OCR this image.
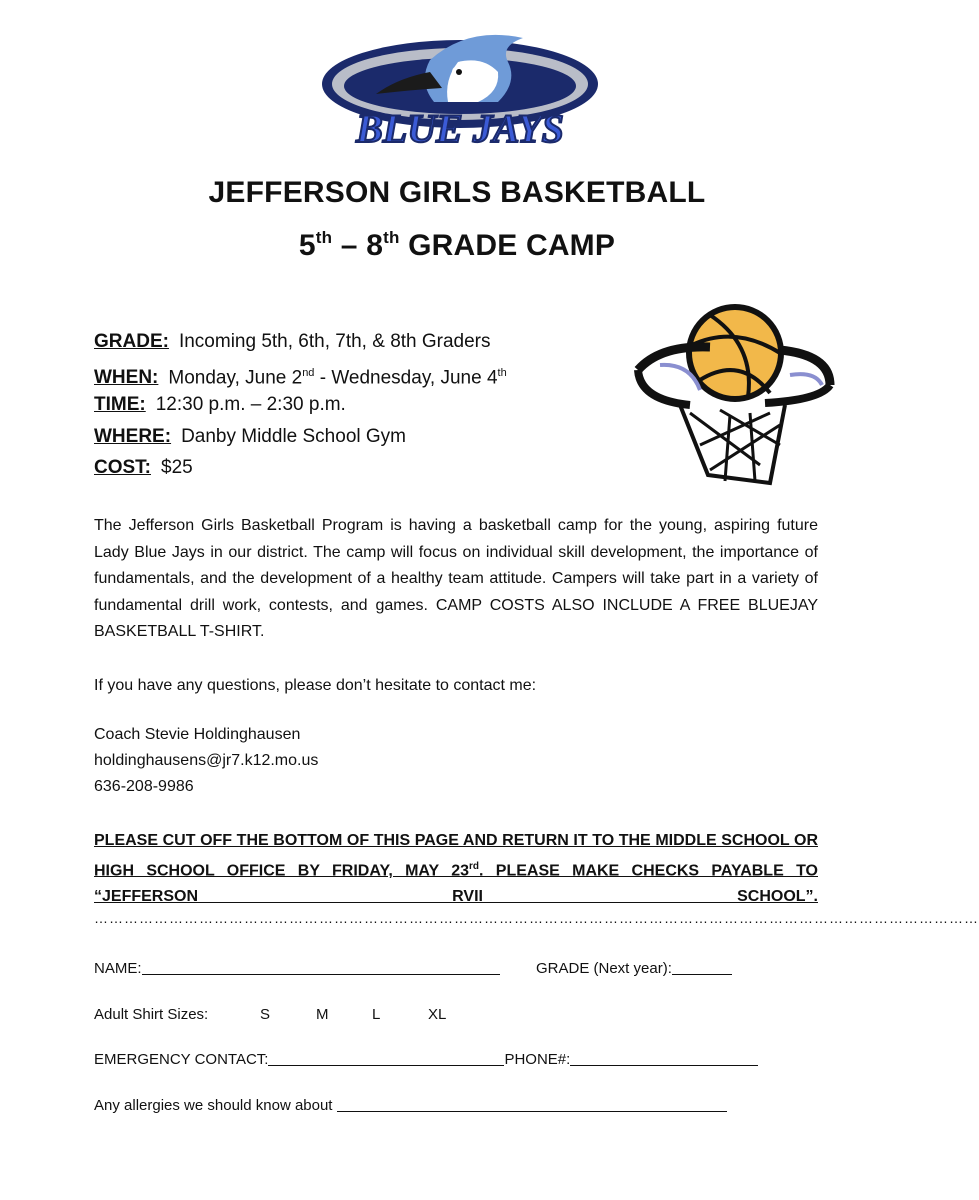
BLUE JAYS
JEFFERSON GIRLS BASKETBALL
5th – 8th GRADE CAMP
GRADE: Incoming 5th, 6th, 7th, & 8th Graders
WHEN: Monday, June 2nd - Wednesday, June 4th
TIME: 12:30 p.m. – 2:30 p.m.
WHERE: Danby Middle School Gym
COST: $25
The Jefferson Girls Basketball Program is having a basketball camp for the young, aspiring future Lady Blue Jays in our district. The camp will focus on individual skill development, the importance of fundamentals, and the development of a healthy team attitude. Campers will take part in a variety of fundamental drill work, contests, and games. CAMP COSTS ALSO INCLUDE A FREE BLUEJAY BASKETBALL T-SHIRT.
If you have any questions, please don’t hesitate to contact me:
Coach Stevie Holdinghausen
holdinghausens@jr7.k12.mo.us
636-208-9986
PLEASE CUT OFF THE BOTTOM OF THIS PAGE AND RETURN IT TO THE MIDDLE SCHOOL OR HIGH SCHOOL OFFICE BY FRIDAY, MAY 23rd. PLEASE MAKE CHECKS PAYABLE TO “JEFFERSON RVII SCHOOL”.
……………………………………………………………………………………………………………………………………………………………
NAME:	GRADE (Next year):
Adult Shirt Sizes:	S	M	L	XL
EMERGENCY CONTACT:	PHONE#:
Any allergies we should know about
